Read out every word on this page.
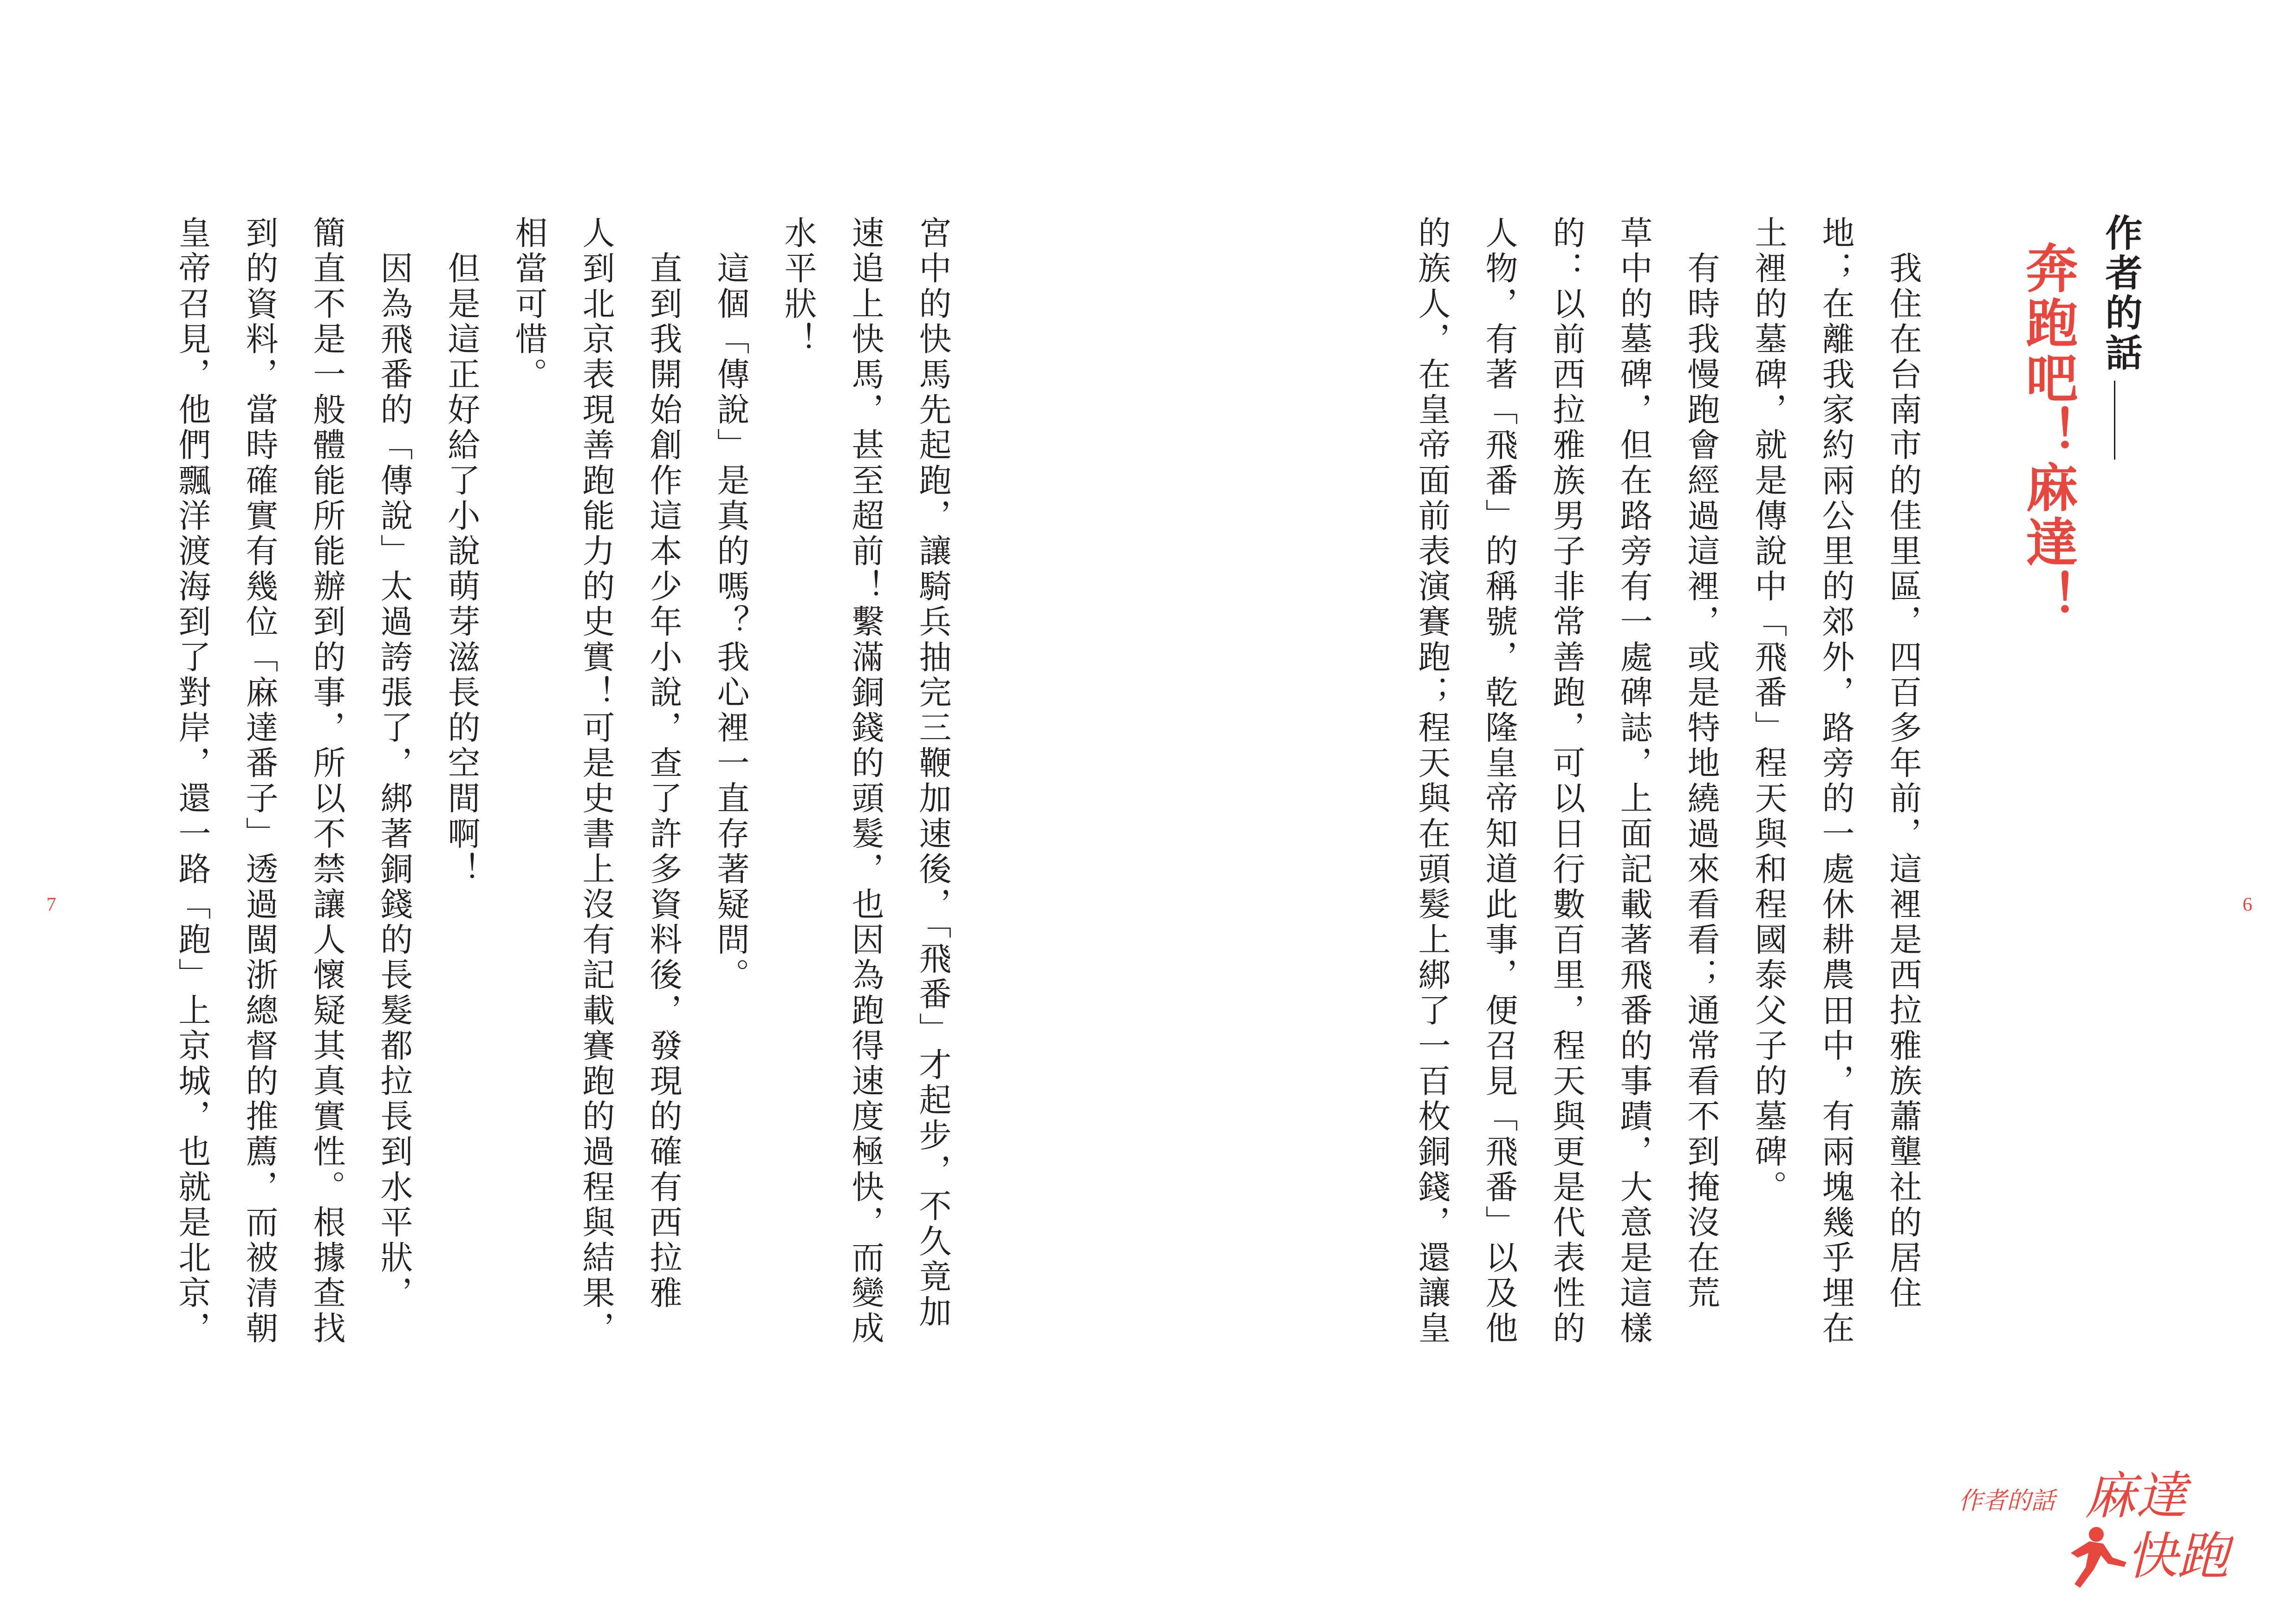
6
作者的話
奔跑吧！麻達！
　我住在台南市的佳里區，四百多年前，這裡是西拉雅族蕭壟社的居住
地；在離我家約兩公里的郊外，路旁的一處休耕農田中，有兩塊幾乎埋在
土裡的墓碑，就是傳說中「飛番」程天與和程國泰父子的墓碑。
　有時我慢跑會經過這裡，或是特地繞過來看看；通常看不到掩沒在荒
草中的墓碑，但在路旁有一處碑誌，上面記載著飛番的事蹟，大意是這樣
的：以前西拉雅族男子非常善跑，可以日行數百里，程天與更是代表性的
人物，有著「飛番」的稱號，乾隆皇帝知道此事，便召見「飛番」以及他
的族人，在皇帝面前表演賽跑；程天與在頭髮上綁了一百枚銅錢，還讓皇
7	宮中的快馬先起跑，讓騎兵抽完三鞭加速後，「飛番」才起步，不久竟加
速追上快馬，甚至超前！繫滿銅錢的頭髮，也因為跑得速度極快，而變成
水平狀！
　這個「傳說」是真的嗎？我心裡一直存著疑問。
　直到我開始創作這本少年小說，查了許多資料後，發現的確有西拉雅
人到北京表現善跑能力的史實！可是史書上沒有記載賽跑的過程與結果，
相當可惜。
　但是這正好給了小說萌芽滋長的空間啊！
　因為飛番的「傳說」太過誇張了，綁著銅錢的長髮都拉長到水平狀，
簡直不是一般體能所能辦到的事，所以不禁讓人懷疑其真實性。根據查找
到的資料，當時確實有幾位「麻達番子」透過閩浙總督的推薦，而被清朝
皇帝召見，他們飄洋渡海到了對岸，還一路「跑」上京城，也就是北京，
作者的話 麻達
快跑
